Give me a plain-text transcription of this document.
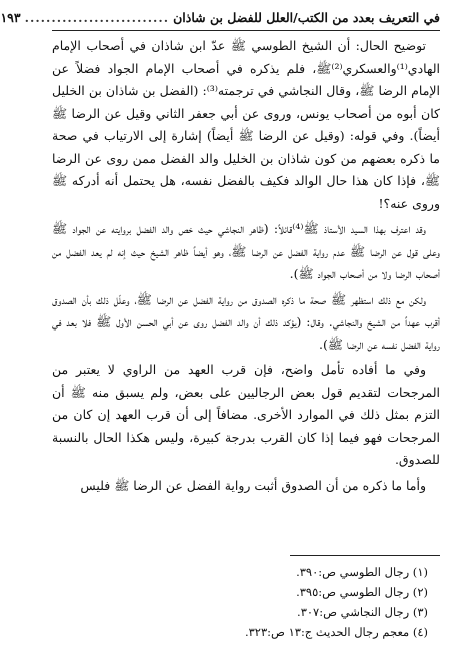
في التعريف بعدد من الكتب/العلل للفضل بن شاذان
...........................
١٩٣

توضيح الحال: أن الشيخ الطوسي ﷺ عدّ ابن شاذان في أصحاب الإمام الهادي⁽¹⁾والعسكري⁽²⁾ﷺ، فلم يذكره في أصحاب الإمام الجواد فضلاً عن الإمام الرضا ﷺ، وقال النجاشي في ترجمته⁽³⁾: (الفضل بن شاذان بن الخليل كان أبوه من أصحاب يونس، وروى عن أبي جعفر الثاني وقيل عن الرضا ﷺ أيضاً). وفي قوله: (وقيل عن الرضا ﷺ أيضاً) إشارة إلى الارتياب في صحة ما ذكره بعضهم من كون شاذان بن الخليل والد الفضل ممن روى عن الرضا ﷺ، فإذا كان هذا حال الوالد فكيف بالفضل نفسه، هل يحتمل أنه أدركه ﷺ وروى عنه؟!

وقد اعترف بهذا السيد الأستاذ ﷺ⁽⁴⁾قائلاً: (ظاهر النجاشي حيث خص والد الفضل بروايته عن الجواد ﷺ وعلى قول عن الرضا ﷺ عدم رواية الفضل عن الرضا ﷺ، وهو أيضاً ظاهر الشيخ حيث إنه لم يعد الفضل من أصحاب الرضا ولا من أصحاب الجواد ﷺ).

ولكن مع ذلك استظهر ﷺ صحة ما ذكره الصدوق من رواية الفضل عن الرضا ﷺ، وعلّل ذلك بأن الصدوق أقرب عهداً من الشيخ والنجاشي. وقال: (يؤكد ذلك أن والد الفضل روى عن أبي الحسن الأول ﷺ فلا بعد في رواية الفضل نفسه عن الرضا ﷺ).

وفي ما أفاده تأمل واضح، فإن قرب العهد من الراوي لا يعتبر من المرجحات لتقديم قول بعض الرجاليين على بعض، ولم يسبق منه ﷺ أن التزم بمثل ذلك في الموارد الأخرى. مضافاً إلى أن قرب العهد إن كان من المرجحات فهو فيما إذا كان القرب بدرجة كبيرة، وليس هكذا الحال بالنسبة للصدوق.

وأما ما ذكره من أن الصدوق أثبت رواية الفضل عن الرضا ﷺ فليس

(١) رجال الطوسي ص:٣٩٠.
(٢) رجال الطوسي ص:٣٩٥.
(٣) رجال النجاشي ص:٣٠٧.
(٤) معجم رجال الحديث ج:١٣ ص:٣٢٣.
